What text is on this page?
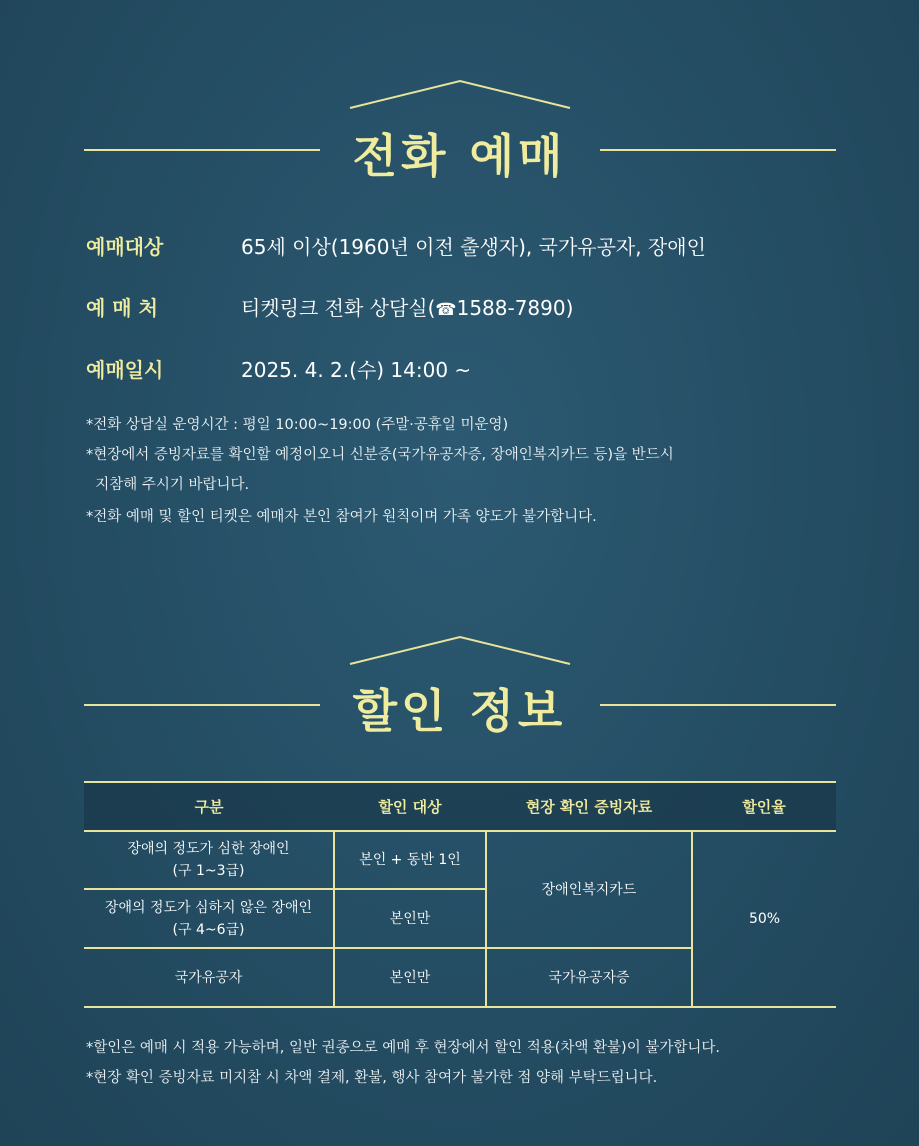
전화 예매
예매대상	65세 이상(1960년 이전 출생자), 국가유공자, 장애인
예 매 처	티켓링크 전화 상담실(☎1588-7890)
예매일시	2025. 4. 2.(수) 14:00 ~
*전화 상담실 운영시간 : 평일 10:00~19:00 (주말·공휴일 미운영)
*현장에서 증빙자료를 확인할 예정이오니 신분증(국가유공자증, 장애인복지카드 등)을 반드시
지참해 주시기 바랍니다.
*전화 예매 및 할인 티켓은 예매자 본인 참여가 원칙이며 가족 양도가 불가합니다.
할인 정보
구분	할인 대상	현장 확인 증빙자료	할인율

장애의 정도가 심한 장애인
(구 1~3급)	본인 + 동반 1인	장애인복지카드	50%

장애의 정도가 심하지 않은 장애인
(구 4~6급)	본인만		
국가유공자	본인만	국가유공자증	
*할인은 예매 시 적용 가능하며, 일반 권종으로 예매 후 현장에서 할인 적용(차액 환불)이 불가합니다.
*현장 확인 증빙자료 미지참 시 차액 결제, 환불, 행사 참여가 불가한 점 양해 부탁드립니다.
